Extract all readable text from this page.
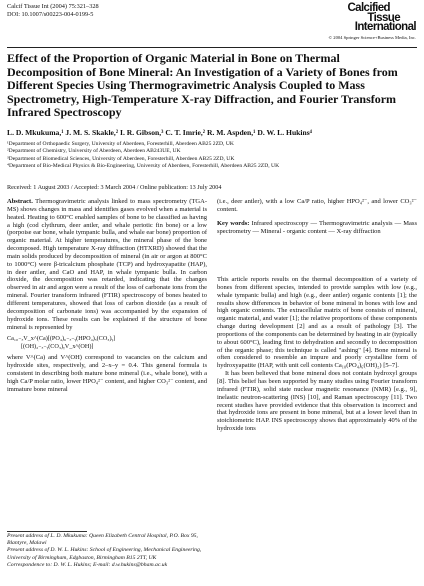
Calcif Tissue Int (2004) 75:321–328
DOI: 10.1007/s00223-004-0199-5
Calcified
Tissue
International
© 2004 Springer Science+Business Media, Inc.
Effect of the Proportion of Organic Material in Bone on Thermal Decomposition of Bone Mineral: An Investigation of a Variety of Bones from Different Species Using Thermogravimetric Analysis Coupled to Mass Spectrometry, High-Temperature X-ray Diffraction, and Fourier Transform Infrared Spectroscopy
L. D. Mkukuma,¹ J. M. S. Skakle,² I. R. Gibson,³ C. T. Imrie,² R. M. Aspden,¹ D. W. L. Hukins⁴
¹Department of Orthopaedic Surgery, University of Aberdeen, Foresterhill, Aberdeen AB25 2ZD, UK
²Department of Chemistry, University of Aberdeen, Aberdeen AB243UE, UK
³Department of Biomedical Sciences, University of Aberdeen, Foresterhill, Aberdeen AB25 2ZD, UK
⁴Department of Bio-Medical Physics & Bio-Engineering, University of Aberdeen, Foresterhill, Aberdeen AB25 2ZD, UK
Received: 1 August 2003 / Accepted: 3 March 2004 / Online publication: 13 July 2004

Abstract. Thermogravimetric analysis linked to mass spectrometry (TGA-MS) shows changes in mass and identifies gases evolved when a material is heated. Heating to 600°C enabled samples of bone to be classified as having a high (cod clythrum, deer antler, and whale periotic fin bone) or a low (porpoise ear bone, whale tympanic bulla, and whale ear bone) proportion of organic material. At higher temperatures, the mineral phase of the bone decomposed. High temperature X-ray diffraction (HTXRD) showed that the main solids produced by decomposition of mineral (in air or argon at 800°C to 1000°C) were β-tricalcium phosphate (TCP) and hydroxyapatite (HAP), in deer antler, and CaO and HAP, in whale tympanic bulla. In carbon dioxide, the decomposition was retarded, indicating that the changes observed in air and argon were a result of the loss of carbonate ions from the mineral. Fourier transform infrared (FTIR) spectroscopy of bones heated to different temperatures, showed that loss of carbon dioxide (as a result of decomposition of carbonate ions) was accompanied by the expansion of hydroxide ions. These results can be explained if the structure of bone mineral is represented by

Ca₁₀₋ₓV_x^(Ca)[(PO₄)₆₋ₓ₋ᵧ(HPO₄)ₓ(CO₃)ᵧ]
[(OH)₂₋ₓ₋ᵧ(CO₃)ᵧV_x^(OH)]

where V^(Ca) and V^(OH) correspond to vacancies on the calcium and hydroxide sites, respectively, and 2–x–y = 0.4. This general formula is consistent in describing both mature bone mineral (i.e., whale bone), with a high Ca/P molar ratio, lower HPO₄²⁻ content, and higher CO₃²⁻ content, and immature bone mineral

Present address of L. D. Mkukuma: Queen Elizabeth Central Hospital, P.O. Box 95, Blantyre, Malawi
Present address of D. W. L. Hukins: School of Engineering, Mechanical Engineering, University of Birmingham, Edgbaston, Birmingham B15 2TT, UK
Correspondence to: D. W. L. Hukins; E-mail: d.w.hukins@bham.ac.uk

(i.e., deer antler), with a low Ca/P ratio, higher HPO₄²⁻, and lower CO₃²⁻ content.

Key words: Infrared spectroscopy — Thermogravimetric analysis — Mass spectrometry — Mineral - organic content — X-ray diffraction

This article reports results on the thermal decomposition of a variety of bones from different species, intended to provide samples with low (e.g., whale tympanic bulla) and high (e.g., deer antler) organic contents [1]; the results show differences in behavior of bone mineral in bones with low and high organic contents. The extracellular matrix of bone consists of mineral, organic material, and water [1]; the relative proportions of these components change during development [2] and as a result of pathology [3]. The proportions of the components can be determined by heating in air (typically to about 600°C), leading first to dehydration and secondly to decomposition of the organic phase; this technique is called "ashing" [4]. Bone mineral is often considered to resemble an impure and poorly crystalline form of hydroxyapatite (HAP, with unit cell contents Ca₁₀(PO₄)₆(OH)₂) [5–7].

It has been believed that bone mineral does not contain hydroxyl groups [8]. This belief has been supported by many studies using Fourier transform infrared (FTIR), solid state nuclear magnetic resonance (NMR) [e.g., 9], inelastic neutron-scattering (INS) [10], and Raman spectroscopy [11]. Two recent studies have provided evidence that this observation is incorrect and that hydroxide ions are present in bone mineral, but at a lower level than in stoichiometric HAP. INS spectroscopy shows that approximately 40% of the hydroxide ions
